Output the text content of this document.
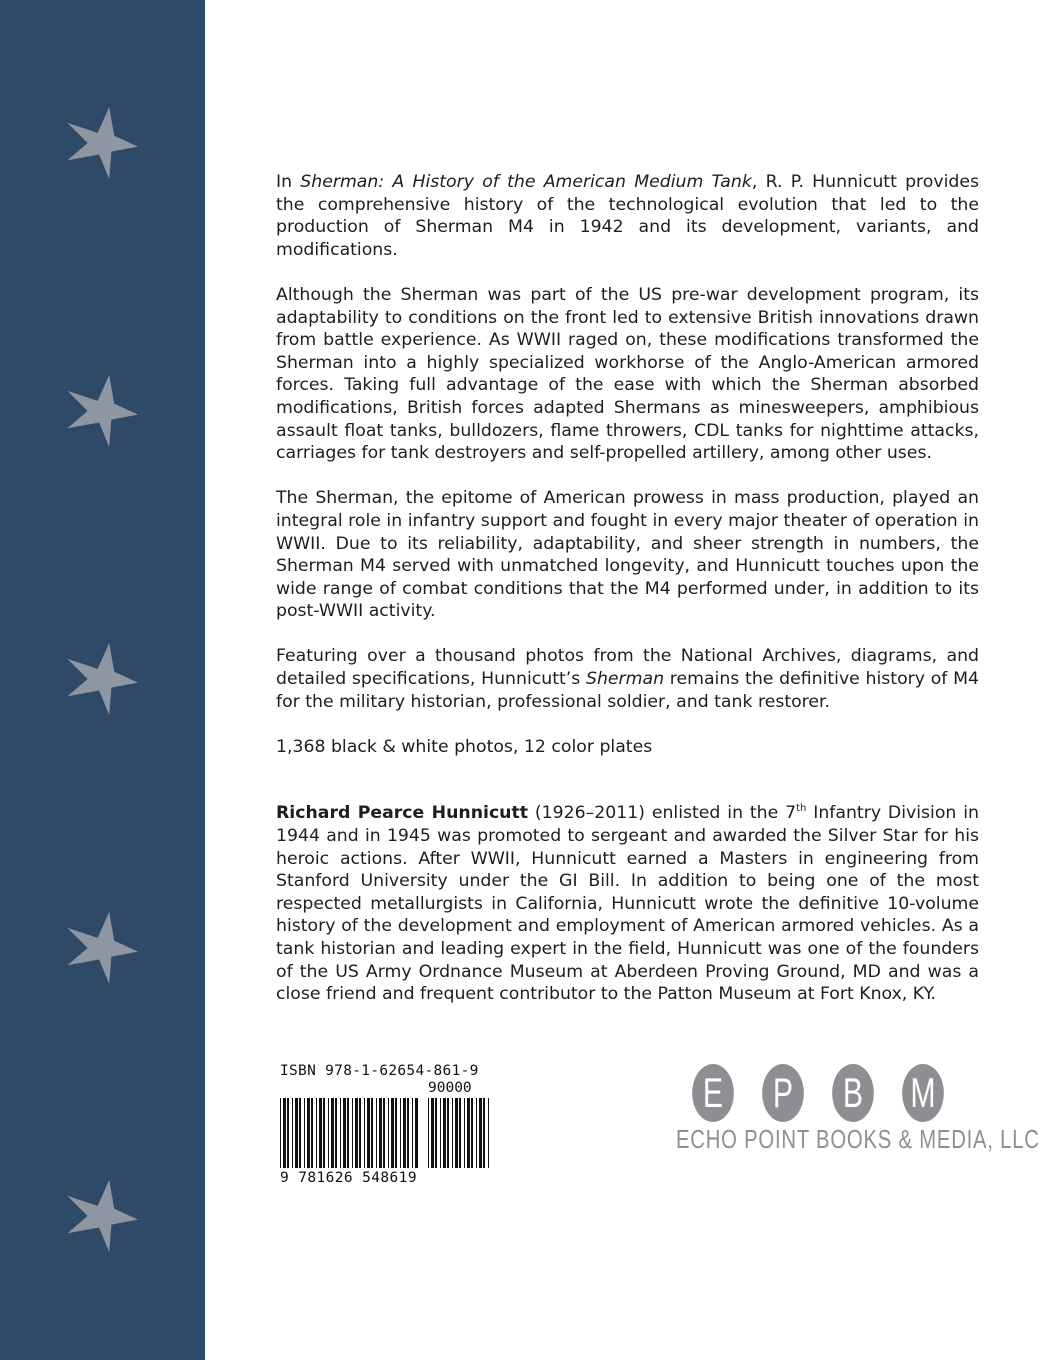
In Sherman: A History of the American Medium Tank, R. P. Hunnicutt provides the comprehensive history of the technological evolution that led to the production of Sherman M4 in 1942 and its development, variants, and modifications.

Although the Sherman was part of the US pre-war development program, its adaptability to conditions on the front led to extensive British innovations drawn from battle experience. As WWII raged on, these modifications transformed the Sherman into a highly specialized workhorse of the Anglo-American armored forces. Taking full advantage of the ease with which the Sherman absorbed modifications, British forces adapted Shermans as minesweepers, amphibious assault float tanks, bulldozers, flame throwers, CDL tanks for nighttime attacks, carriages for tank destroyers and self-propelled artillery, among other uses.

The Sherman, the epitome of American prowess in mass production, played an integral role in infantry support and fought in every major theater of operation in WWII. Due to its reliability, adaptability, and sheer strength in numbers, the Sherman M4 served with unmatched longevity, and Hunnicutt touches upon the wide range of combat conditions that the M4 performed under, in addition to its post-WWII activity.

Featuring over a thousand photos from the National Archives, diagrams, and detailed specifications, Hunnicutt’s Sherman remains the definitive history of M4 for the military historian, professional soldier, and tank restorer.

1,368 black & white photos, 12 color plates

Richard Pearce Hunnicutt (1926–2011) enlisted in the 7th Infantry Division in 1944 and in 1945 was promoted to sergeant and awarded the Silver Star for his heroic actions. After WWII, Hunnicutt earned a Masters in engineering from Stanford University under the GI Bill. In addition to being one of the most respected metallurgists in California, Hunnicutt wrote the definitive 10-volume history of the development and employment of American armored vehicles. As a tank historian and leading expert in the field, Hunnicutt was one of the founders of the US Army Ordnance Museum at Aberdeen Proving Ground, MD and was a close friend and frequent contributor to the Patton Museum at Fort Knox, KY.

ISBN 978-1-62654-861-9
90000
9 781626 548619
E P B M
ECHO POINT BOOKS & MEDIA, LLC
